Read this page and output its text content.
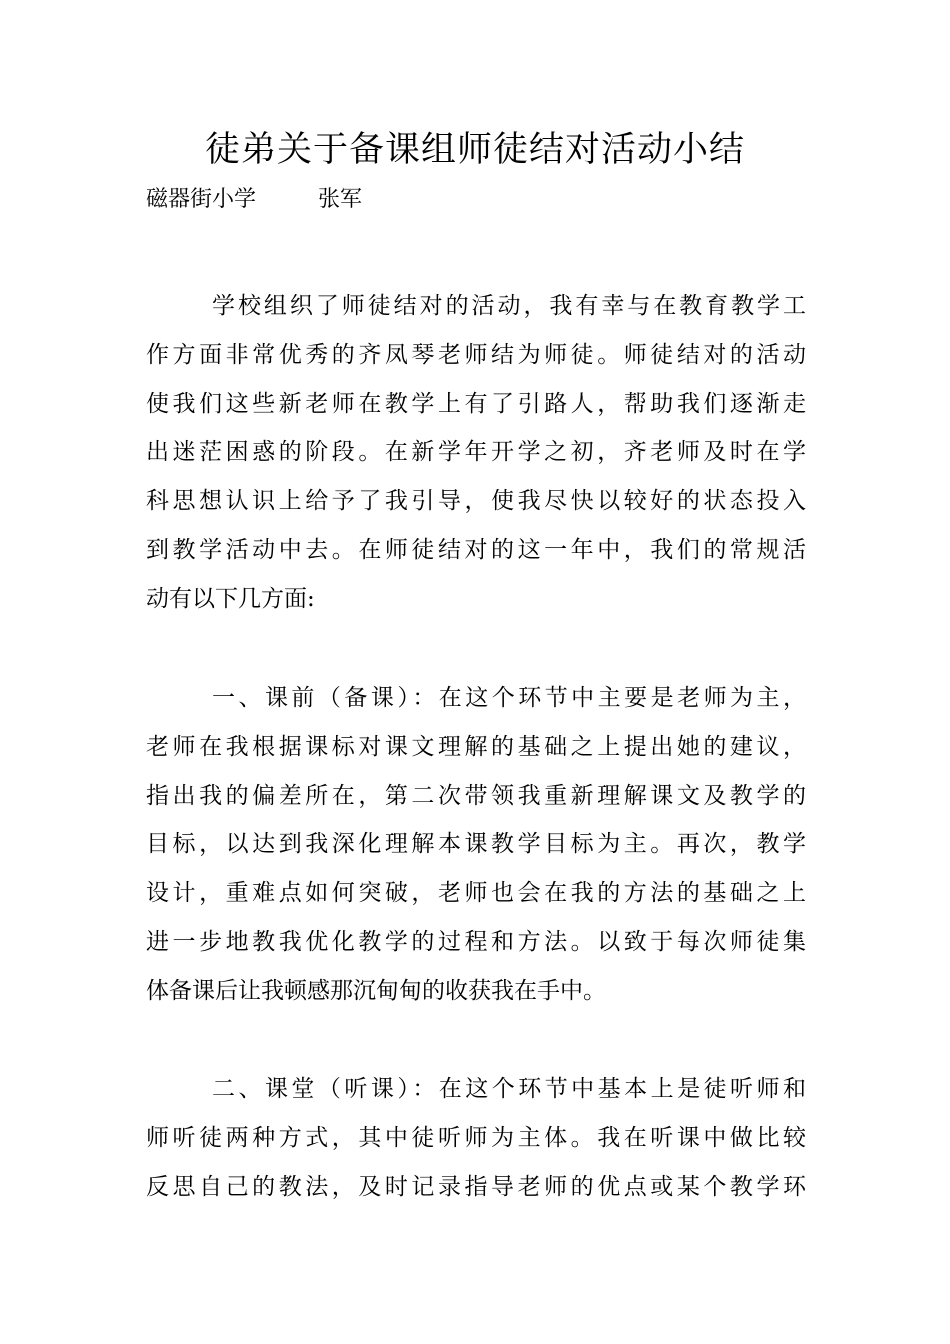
徒弟关于备课组师徒结对活动小结
磁器街小学	张军
学校组织了师徒结对的活动，我有幸与在教育教学工
作方面非常优秀的齐凤琴老师结为师徒。师徒结对的活动
使我们这些新老师在教学上有了引路人，帮助我们逐渐走
出迷茫困惑的阶段。在新学年开学之初，齐老师及时在学
科思想认识上给予了我引导，使我尽快以较好的状态投入
到教学活动中去。在师徒结对的这一年中，我们的常规活
动有以下几方面:
一、课前（备课）：在这个环节中主要是老师为主，
老师在我根据课标对课文理解的基础之上提出她的建议，
指出我的偏差所在，第二次带领我重新理解课文及教学的
目标，以达到我深化理解本课教学目标为主。再次，教学
设计，重难点如何突破，老师也会在我的方法的基础之上
进一步地教我优化教学的过程和方法。以致于每次师徒集
体备课后让我顿感那沉甸甸的收获我在手中。
二、课堂（听课）：在这个环节中基本上是徒听师和
师听徒两种方式，其中徒听师为主体。我在听课中做比较
反思自己的教法，及时记录指导老师的优点或某个教学环
